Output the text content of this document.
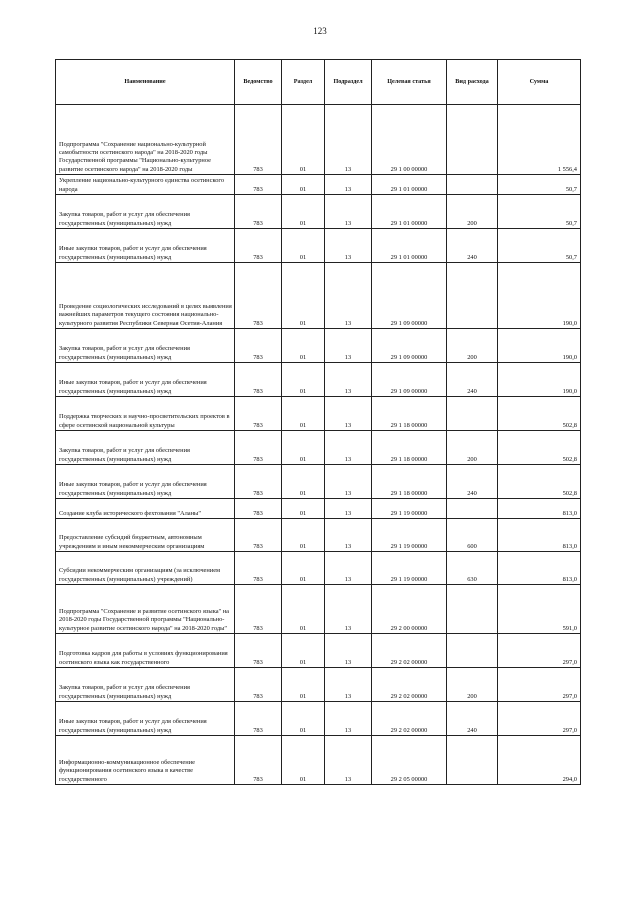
123
Наименование	Ведомство	Раздел	Подраздел	Целевая статья	Вид расхода	Сумма
Подпрограмма "Сохранение национально-культурной самобытности осетинского народа" на 2018-2020 годы Государственной программы "Национально-культурное развитие осетинского народа" на 2018-2020 годы	783	01	13	29 1 00 00000		1 556,4
Укрепление национально-культурного единства осетинского народа	783	01	13	29 1 01 00000		50,7
Закупка товаров, работ и услуг для обеспечения государственных (муниципальных) нужд	783	01	13	29 1 01 00000	200	50,7
Иные закупки товаров, работ и услуг для обеспечения государственных (муниципальных) нужд	783	01	13	29 1 01 00000	240	50,7
Проведение социологических исследований в целях выявления важнейших параметров текущего состояния национально-культурного развития Республики Северная Осетия-Алания	783	01	13	29 1 09 00000		190,0
Закупка товаров, работ и услуг для обеспечения государственных (муниципальных) нужд	783	01	13	29 1 09 00000	200	190,0
Иные закупки товаров, работ и услуг для обеспечения государственных (муниципальных) нужд	783	01	13	29 1 09 00000	240	190,0
Поддержка творческих и научно-просветительских проектов в сфере осетинской национальной культуры	783	01	13	29 1 18 00000		502,8
Закупка товаров, работ и услуг для обеспечения государственных (муниципальных) нужд	783	01	13	29 1 18 00000	200	502,8
Иные закупки товаров, работ и услуг для обеспечения государственных (муниципальных) нужд	783	01	13	29 1 18 00000	240	502,8
Создание клуба исторического фехтования "Аланы"	783	01	13	29 1 19 00000		813,0
Предоставление субсидий бюджетным, автономным учреждениям и иным некоммерческим организациям	783	01	13	29 1 19 00000	600	813,0
Субсидии некоммерческим организациям (за исключением государственных (муниципальных) учреждений)	783	01	13	29 1 19 00000	630	813,0
Подпрограмма "Сохранение и развитие осетинского языка" на 2018-2020 годы Государственной программы "Национально-культурное развитие осетинского народа" на 2018-2020 годы"	783	01	13	29 2 00 00000		591,0
Подготовка кадров для работы в условиях функционирования осетинского языка как государственного	783	01	13	29 2 02 00000		297,0
Закупка товаров, работ и услуг для обеспечения государственных (муниципальных) нужд	783	01	13	29 2 02 00000	200	297,0
Иные закупки товаров, работ и услуг для обеспечения государственных (муниципальных) нужд	783	01	13	29 2 02 00000	240	297,0
Информационно-коммуникационное обеспечение функционирования осетинского языка в качестве государственного	783	01	13	29 2 05 00000		294,0
